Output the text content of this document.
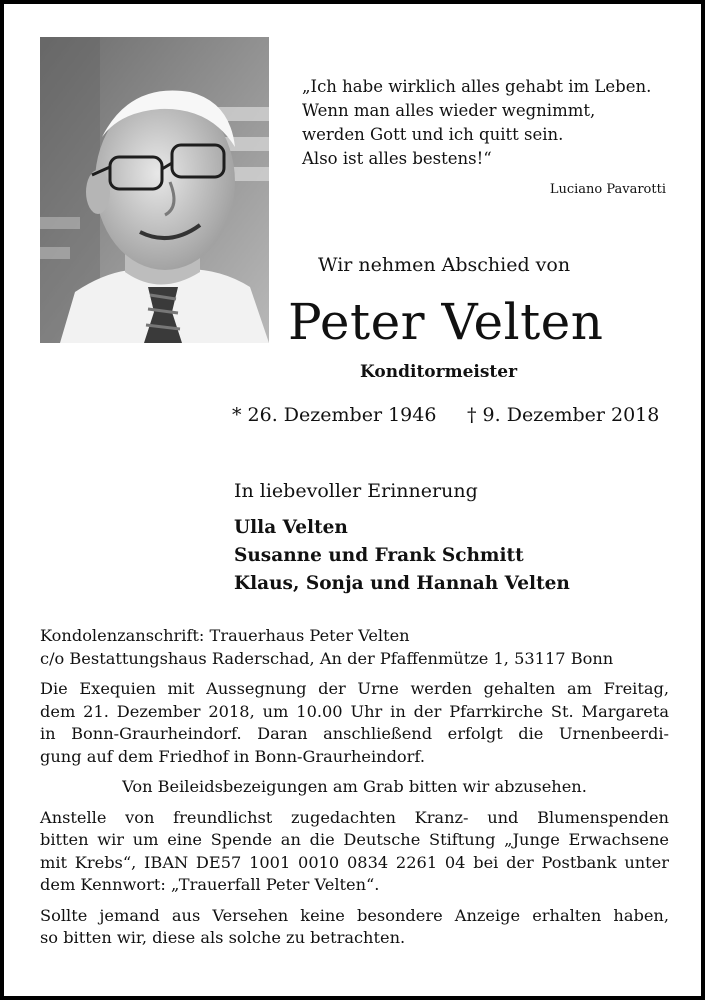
„Ich habe wirklich alles gehabt im Leben.
Wenn man alles wieder wegnimmt,
werden Gott und ich quitt sein.
Also ist alles bestens!“
Luciano Pavarotti
Wir nehmen Abschied von
Peter Velten
Konditormeister
* 26. Dezember 1946 † 9. Dezember 2018
In liebevoller Erinnerung
Ulla Velten
Susanne und Frank Schmitt
Klaus, Sonja und Hannah Velten
Kondolenzanschrift: Trauerhaus Peter Velten
c/o Bestattungshaus Raderschad, An der Pfaffenmütze 1, 53117 Bonn
Die Exequien mit Aussegnung der Urne werden gehalten am Freitag,
dem 21. Dezember 2018, um 10.00 Uhr in der Pfarrkirche St. Margareta
in Bonn-Graurheindorf. Daran anschließend erfolgt die Urnenbeerdi-
gung auf dem Friedhof in Bonn-Graurheindorf.
Von Beileidsbezeigungen am Grab bitten wir abzusehen.
Anstelle von freundlichst zugedachten Kranz- und Blumenspenden
bitten wir um eine Spende an die Deutsche Stiftung „Junge Erwachsene
mit Krebs“, IBAN DE57 1001 0010 0834 2261 04 bei der Postbank unter
dem Kennwort: „Trauerfall Peter Velten“.
Sollte jemand aus Versehen keine besondere Anzeige erhalten haben,
so bitten wir, diese als solche zu betrachten.
